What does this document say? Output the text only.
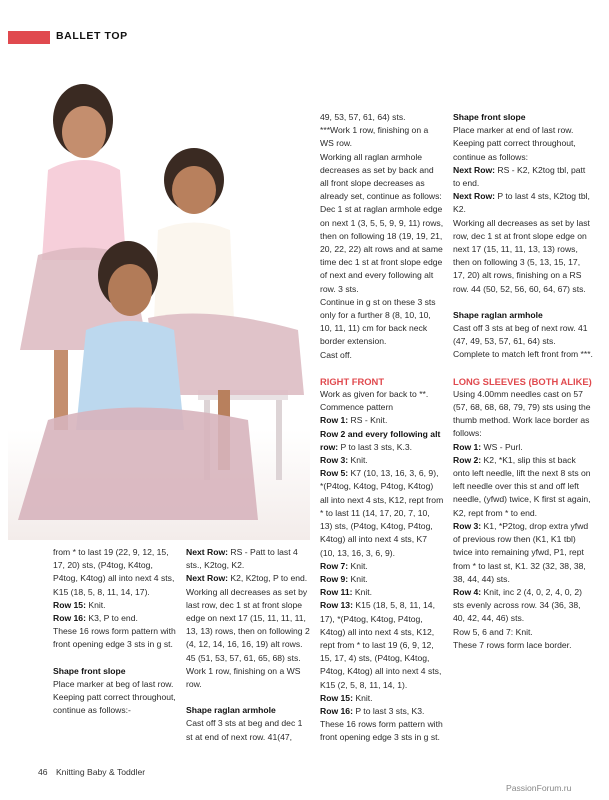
BALLET TOP

from * to last 19 (22, 9, 12, 15, 17, 20) sts, (P4tog, K4tog, P4tog, K4tog) all into next 4 sts, K15 (18, 5, 8, 11, 14, 17).

Row 15: Knit.

Row 16: K3, P to end.

These 16 rows form pattern with front opening edge 3 sts in g st.

Shape front slope

Place marker at beg of last row.

Keeping patt correct throughout, continue as follows:-

Next Row: RS - Patt to last 4 sts., K2tog, K2.

Next Row: K2, K2tog, P to end. Working all decreases as set by last row, dec 1 st at front slope edge on next 17 (15, 11, 11, 11, 13, 13) rows, then on following 2 (4, 12, 14, 16, 16, 19) alt rows. 45 (51, 53, 57, 61, 65, 68) sts.

Work 1 row, finishing on a WS row.

Shape raglan armhole

Cast off 3 sts at beg and dec 1 st at end of next row. 41(47,

49, 53, 57, 61, 64) sts.

***Work 1 row, finishing on a WS row.

Working all raglan armhole decreases as set by back and all front slope decreases as already set, continue as follows: Dec 1 st at raglan armhole edge on next 1 (3, 5, 5, 9, 9, 11) rows, then on following 18 (19, 19, 21, 20, 22, 22) alt rows and at same time dec 1 st at front slope edge of next and every following alt row. 3 sts.

Continue in g st on these 3 sts only for a further 8 (8, 10, 10, 10, 11, 11) cm for back neck border extension.

Cast off.

RIGHT FRONT

Work as given for back to **.

Commence pattern

Row 1: RS - Knit.

Row 2 and every following alt row: P to last 3 sts, K.3.

Row 3: Knit.

Row 5: K7 (10, 13, 16, 3, 6, 9), *(P4tog, K4tog, P4tog, K4tog) all into next 4 sts, K12, rept from * to last 11 (14, 17, 20, 7, 10, 13) sts, (P4tog, K4tog, P4tog, K4tog) all into next 4 sts, K7 (10, 13, 16, 3, 6, 9).

Row 7: Knit.

Row 9: Knit.

Row 11: Knit.

Row 13: K15 (18, 5, 8, 11, 14, 17), *(P4tog, K4tog, P4tog, K4tog) all into next 4 sts, K12, rept from * to last 19 (6, 9, 12, 15, 17, 4) sts, (P4tog, K4tog, P4tog, K4tog) all into next 4 sts, K15 (2, 5, 8, 11, 14, 1).

Row 15: Knit.

Row 16: P to last 3 sts, K3.

These 16 rows form pattern with front opening edge 3 sts in g st.

Shape front slope

Place marker at end of last row. Keeping patt correct throughout, continue as follows:

Next Row: RS - K2, K2tog tbl, patt to end.

Next Row: P to last 4 sts, K2tog tbl, K2.

Working all decreases as set by last row, dec 1 st at front slope edge on next 17 (15, 11, 11, 13, 13) rows, then on following 3 (5, 13, 15, 17, 17, 20) alt rows, finishing on a RS row. 44 (50, 52, 56, 60, 64, 67) sts.

Shape raglan armhole

Cast off 3 sts at beg of next row. 41 (47, 49, 53, 57, 61, 64) sts.

Complete to match left front from ***.

LONG SLEEVES (BOTH ALIKE)

Using 4.00mm needles cast on 57 (57, 68, 68, 68, 79, 79) sts using the thumb method. Work lace border as follows:

Row 1: WS - Purl.

Row 2: K2, *K1, slip this st back onto left needle, lift the next 8 sts on left needle over this st and off left needle, (yfwd) twice, K first st again, K2, rept from * to end.

Row 3: K1, *P2tog, drop extra yfwd of previous row then (K1, K1 tbl) twice into remaining yfwd, P1, rept from * to last st, K1. 32 (32, 38, 38, 38, 44, 44) sts.

Row 4: Knit, inc 2 (4, 0, 2, 4, 0, 2) sts evenly across row. 34 (36, 38, 40, 42, 44, 46) sts.

Row 5, 6 and 7: Knit.

These 7 rows form lace border.

46 Knitting Baby & Toddler
PassionForum.ru
